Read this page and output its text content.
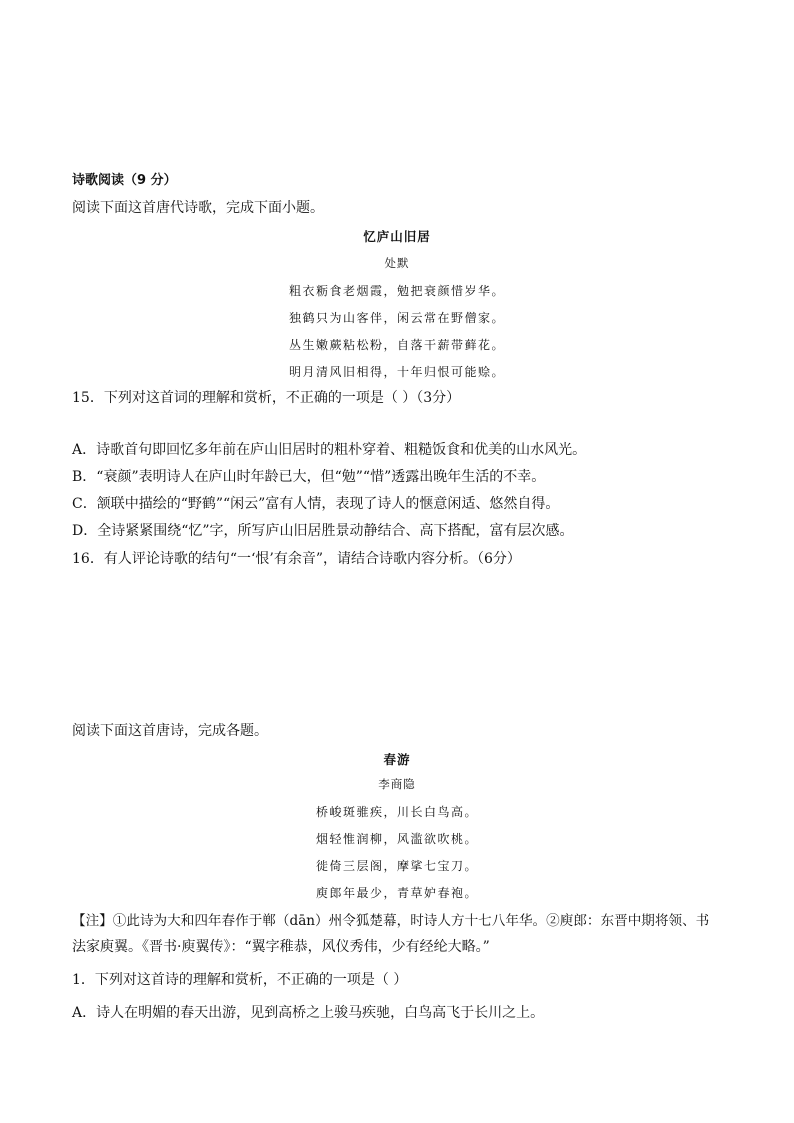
诗歌阅读（9 分）
阅读下面这首唐代诗歌，完成下面小题。
忆庐山旧居
处默
粗衣粝食老烟霞，勉把衰颜惜岁华。
独鹤只为山客伴，闲云常在野僧家。
丛生嫩蕨粘松粉，自落干薪带藓花。
明月清风旧相得，十年归恨可能赊。
15．下列对这首词的理解和赏析，不正确的一项是（ ）（3分）
A．诗歌首句即回忆多年前在庐山旧居时的粗朴穿着、粗糙饭食和优美的山水风光。
B．“衰颜”表明诗人在庐山时年龄已大，但“勉”“惜”透露出晚年生活的不幸。
C．颔联中描绘的“野鹤”“闲云”富有人情，表现了诗人的惬意闲适、悠然自得。
D．全诗紧紧围绕“忆”字，所写庐山旧居胜景动静结合、高下搭配，富有层次感。
16．有人评论诗歌的结句“一‘恨’有余音”，请结合诗歌内容分析。（6分）
阅读下面这首唐诗，完成各题。
春游
李商隐
桥峻斑骓疾，川长白鸟高。
烟轻惟润柳，风滥欲吹桃。
徙倚三层阁，摩挲七宝刀。
庾郎年最少，青草妒春袍。
【注】①此诗为大和四年春作于郸（dān）州令狐楚幕，时诗人方十七八年华。②庾郎：东晋中期将领、书
法家庾翼。《晋书·庾翼传》：“翼字稚恭，风仪秀伟，少有经纶大略。”
1．下列对这首诗的理解和赏析，不正确的一项是（ ）
A．诗人在明媚的春天出游，见到高桥之上骏马疾驰，白鸟高飞于长川之上。
